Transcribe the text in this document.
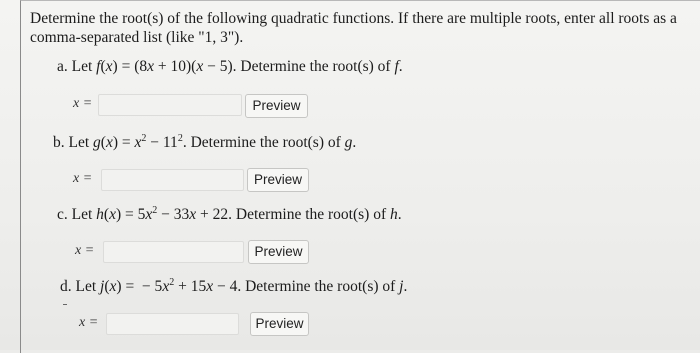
Determine the root(s) of the following quadratic functions. If there are multiple roots, enter all roots as a comma-separated list (like "1, 3").
a. Let f(x) = (8x + 10)(x − 5). Determine the root(s) of f.
x =	Preview
b. Let $g(x) = x^2 - 11^2$. Determine the root(s) of g.
x =	Preview
c. Let $h(x) = 5x^2 - 33x + 22$. Determine the root(s) of h.
x =	Preview
d. Let j(x) =  − $5x^2 + 15x - 4$. Determine the root(s) of j.
x =	Preview
